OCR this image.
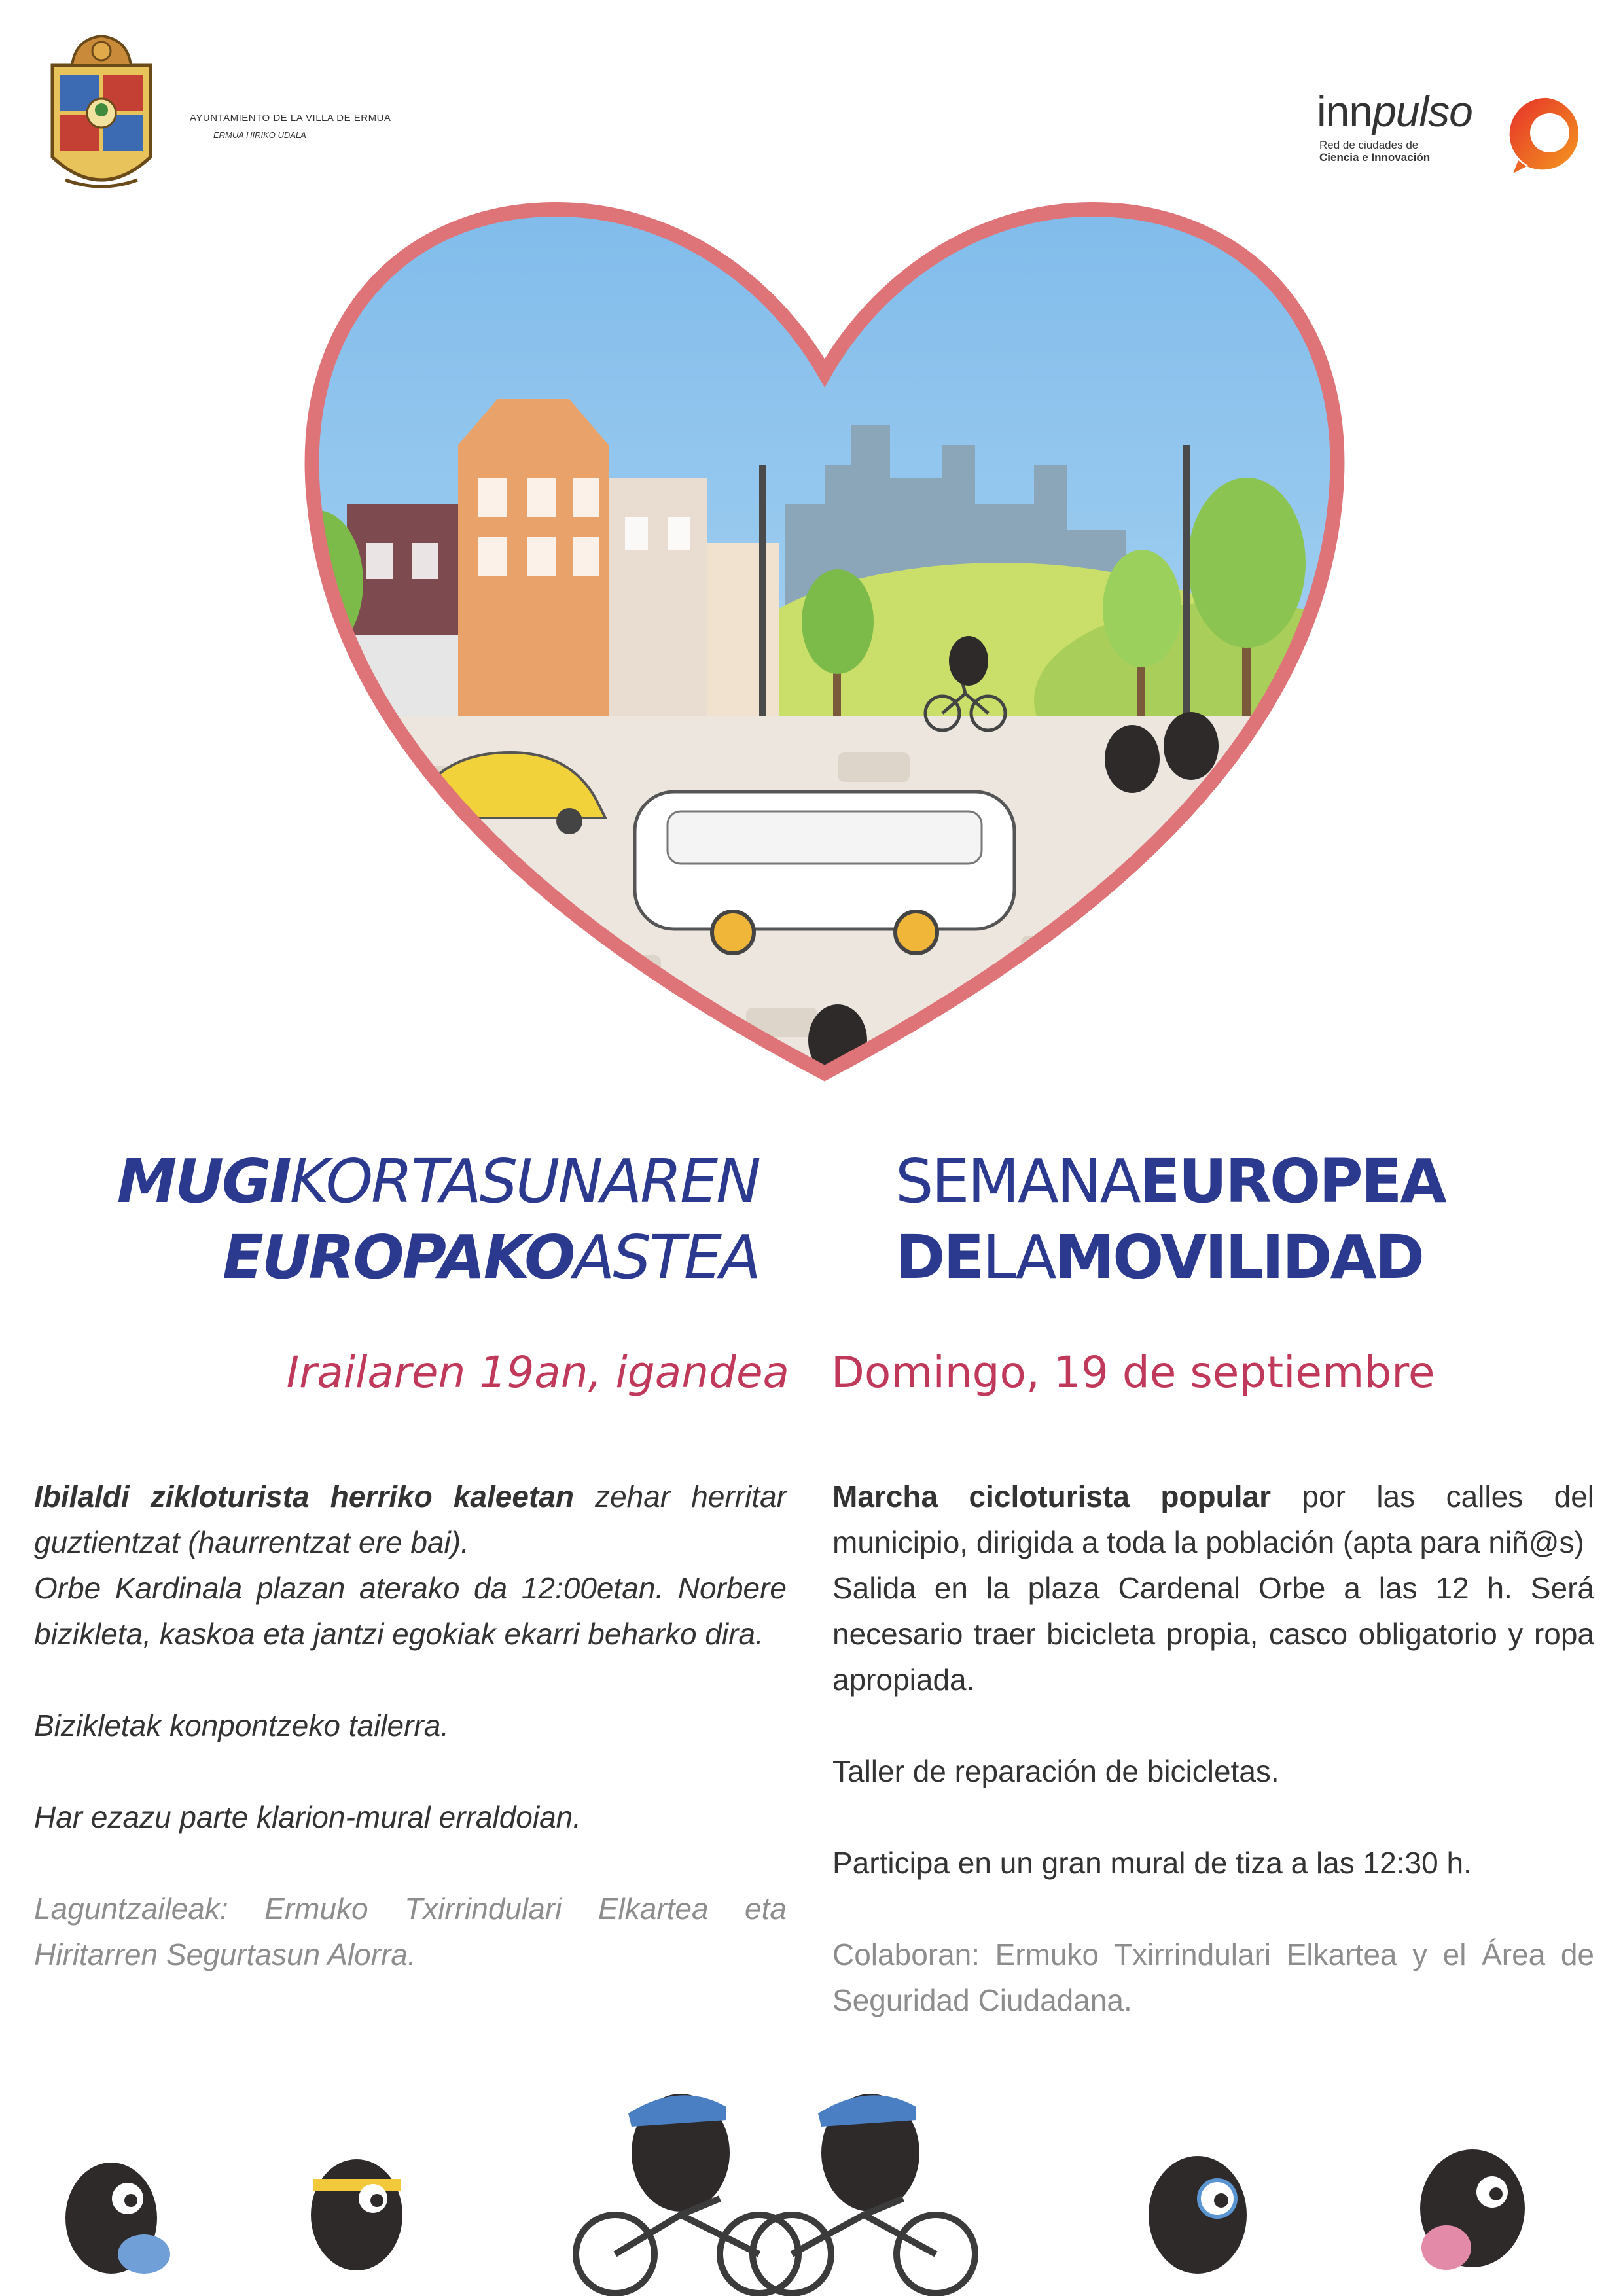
AYUNTAMIENTO DE LA VILLA DE ERMUA
ERMUA HIRIKO UDALA	innpulso
Red de ciudades de
Ciencia e Innovación
MUGIKORTASUNAREN
EUROPAKOASTEA
SEMANAEUROPEA
DELAMOVILIDAD
Irailaren 19an, igandea Domingo, 19 de septiembre

Ibilaldi zikloturista herriko kaleetan zehar herritar guztientzat (haurrentzat ere bai).

Orbe Kardinala plazan aterako da 12:00etan. Norbere bizikleta, kaskoa eta jantzi egokiak ekarri beharko dira.

Bizikletak konpontzeko tailerra.

Har ezazu parte klarion-mural erraldoian.

Laguntzaileak: Ermuko Txirrindulari Elkartea eta Hiritarren Segurtasun Alorra.

Marcha cicloturista popular por las calles del municipio, dirigida a toda la población (apta para niñ@s)

Salida en la plaza Cardenal Orbe a las 12 h. Será necesario traer bicicleta propia, casco obligatorio y ropa apropiada.

Taller de reparación de bicicletas.

Participa en un gran mural de tiza a las 12:30 h.

Colaboran: Ermuko Txirrindulari Elkartea y el Área de Seguridad Ciudadana.
